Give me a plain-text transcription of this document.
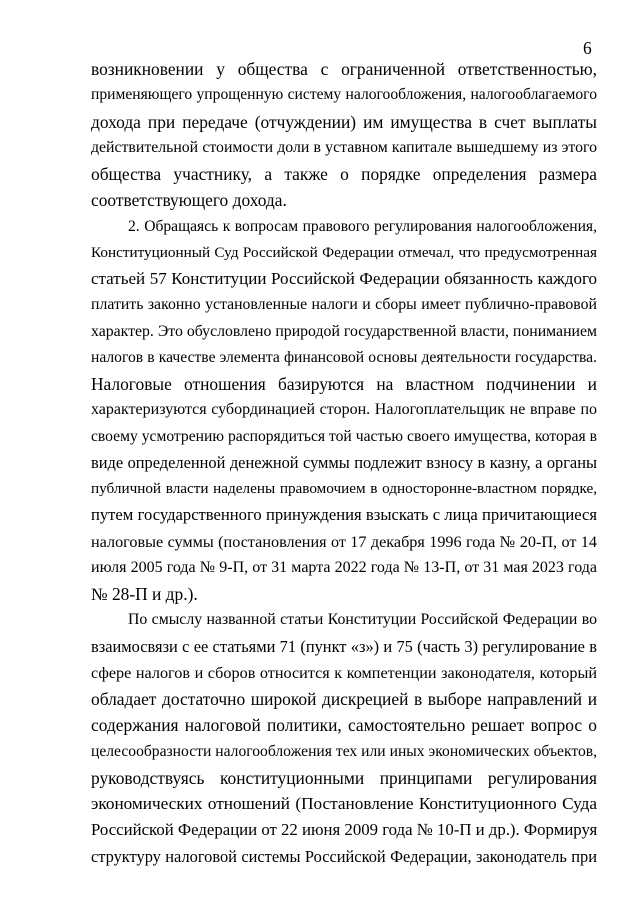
6
возникновении у общества с ограниченной ответственностью,
применяющего упрощенную систему налогообложения, налогооблагаемого
дохода при передаче (отчуждении) им имущества в счет выплаты
действительной стоимости доли в уставном капитале вышедшему из этого
общества участнику, а также о порядке определения размера
соответствующего дохода.
2. Обращаясь к вопросам правового регулирования налогообложения,
Конституционный Суд Российской Федерации отмечал, что предусмотренная
статьей 57 Конституции Российской Федерации обязанность каждого
платить законно установленные налоги и сборы имеет публично-правовой
характер. Это обусловлено природой государственной власти, пониманием
налогов в качестве элемента финансовой основы деятельности государства.
Налоговые отношения базируются на властном подчинении и
характеризуются субординацией сторон. Налогоплательщик не вправе по
своему усмотрению распорядиться той частью своего имущества, которая в
виде определенной денежной суммы подлежит взносу в казну, а органы
публичной власти наделены правомочием в односторонне-властном порядке,
путем государственного принуждения взыскать с лица причитающиеся
налоговые суммы (постановления от 17 декабря 1996 года № 20-П, от 14
июля 2005 года № 9-П, от 31 марта 2022 года № 13-П, от 31 мая 2023 года
№ 28-П и др.).
По смыслу названной статьи Конституции Российской Федерации во
взаимосвязи с ее статьями 71 (пункт «з») и 75 (часть 3) регулирование в
сфере налогов и сборов относится к компетенции законодателя, который
обладает достаточно широкой дискрецией в выборе направлений и
содержания налоговой политики, самостоятельно решает вопрос о
целесообразности налогообложения тех или иных экономических объектов,
руководствуясь конституционными принципами регулирования
экономических отношений (Постановление Конституционного Суда
Российской Федерации от 22 июня 2009 года № 10-П и др.). Формируя
структуру налоговой системы Российской Федерации, законодатель при
